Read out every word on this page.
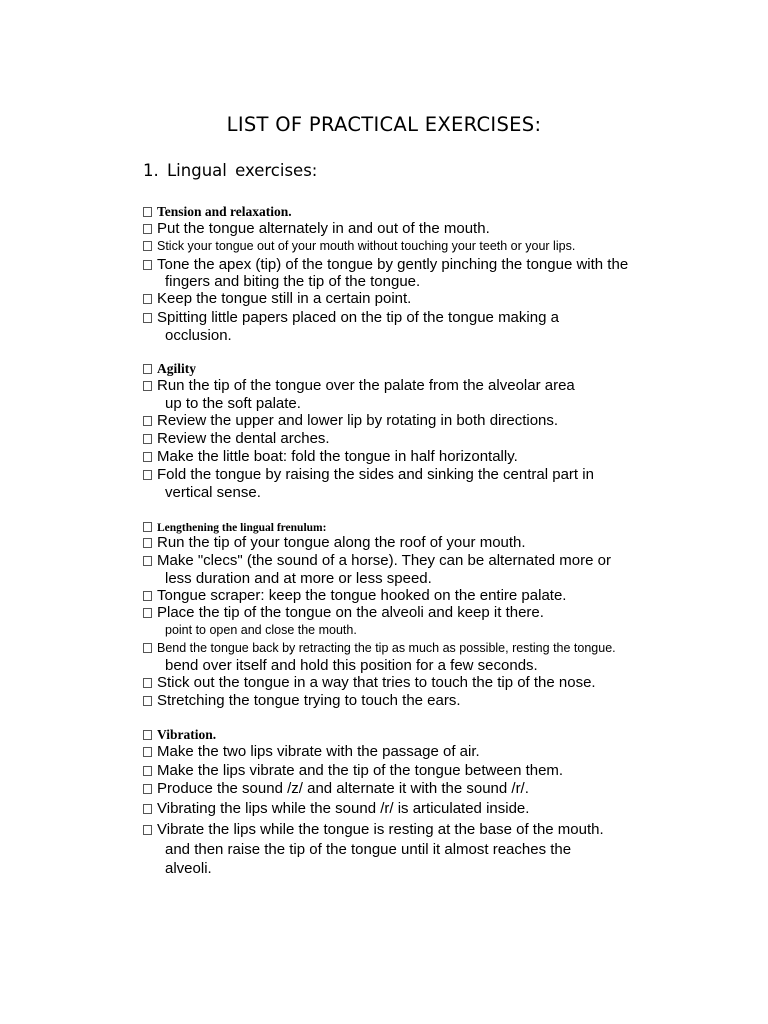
LIST OF PRACTICAL EXERCISES:
1. Lingual exercises:
Tension and relaxation.
Put the tongue alternately in and out of the mouth.
Stick your tongue out of your mouth without touching your teeth or your lips.
Tone the apex (tip) of the tongue by gently pinching the tongue with the
fingers and biting the tip of the tongue.
Keep the tongue still in a certain point.
Spitting little papers placed on the tip of the tongue making a
occlusion.
Agility
Run the tip of the tongue over the palate from the alveolar area
up to the soft palate.
Review the upper and lower lip by rotating in both directions.
Review the dental arches.
Make the little boat: fold the tongue in half horizontally.
Fold the tongue by raising the sides and sinking the central part in
vertical sense.
Lengthening the lingual frenulum:
Run the tip of your tongue along the roof of your mouth.
Make "clecs" (the sound of a horse). They can be alternated more or
less duration and at more or less speed.
Tongue scraper: keep the tongue hooked on the entire palate.
Place the tip of the tongue on the alveoli and keep it there.
point to open and close the mouth.
Bend the tongue back by retracting the tip as much as possible, resting the tongue.
bend over itself and hold this position for a few seconds.
Stick out the tongue in a way that tries to touch the tip of the nose.
Stretching the tongue trying to touch the ears.
Vibration.
Make the two lips vibrate with the passage of air.
Make the lips vibrate and the tip of the tongue between them.
Produce the sound /z/ and alternate it with the sound /r/.
Vibrating the lips while the sound /r/ is articulated inside.
Vibrate the lips while the tongue is resting at the base of the mouth.
and then raise the tip of the tongue until it almost reaches the
alveoli.
